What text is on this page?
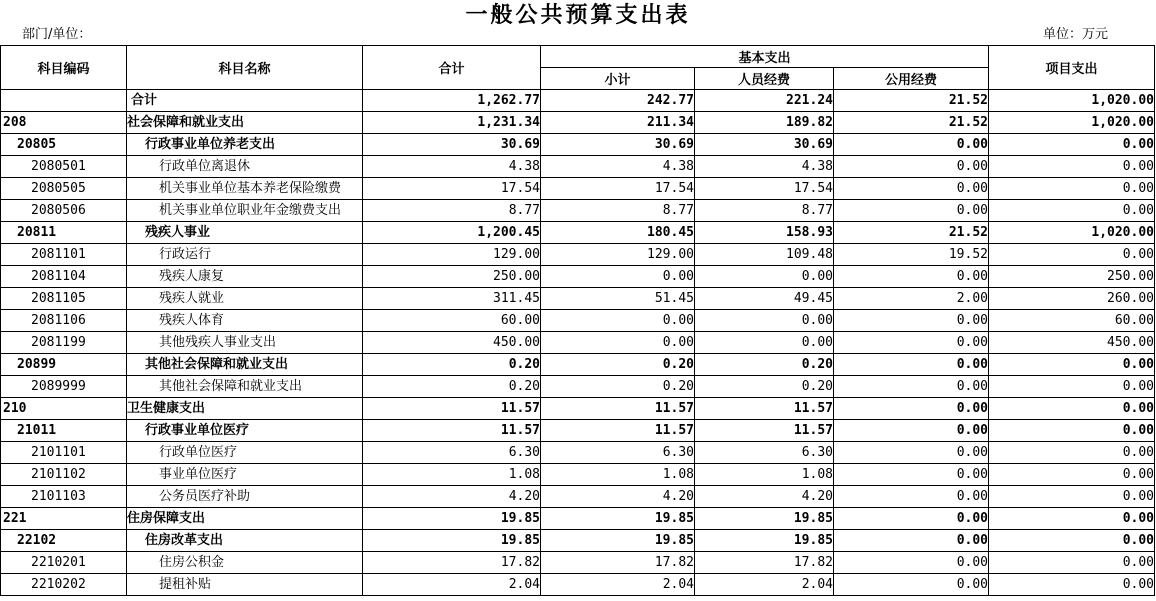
一般公共预算支出表
部门/单位：	单位：万元
科目编码	科目名称	合计	基本支出			项目支出
			小计	人员经费	公用经费	
	合计	1,262.77	242.77	221.24	21.52	1,020.00
208	社会保障和就业支出	1,231.34	211.34	189.82	21.52	1,020.00
20805	行政事业单位养老支出	30.69	30.69	30.69	0.00	0.00
2080501	行政单位离退休	4.38	4.38	4.38	0.00	0.00
2080505	机关事业单位基本养老保险缴费	17.54	17.54	17.54	0.00	0.00
2080506	机关事业单位职业年金缴费支出	8.77	8.77	8.77	0.00	0.00
20811	残疾人事业	1,200.45	180.45	158.93	21.52	1,020.00
2081101	行政运行	129.00	129.00	109.48	19.52	0.00
2081104	残疾人康复	250.00	0.00	0.00	0.00	250.00
2081105	残疾人就业	311.45	51.45	49.45	2.00	260.00
2081106	残疾人体育	60.00	0.00	0.00	0.00	60.00
2081199	其他残疾人事业支出	450.00	0.00	0.00	0.00	450.00
20899	其他社会保障和就业支出	0.20	0.20	0.20	0.00	0.00
2089999	其他社会保障和就业支出	0.20	0.20	0.20	0.00	0.00
210	卫生健康支出	11.57	11.57	11.57	0.00	0.00
21011	行政事业单位医疗	11.57	11.57	11.57	0.00	0.00
2101101	行政单位医疗	6.30	6.30	6.30	0.00	0.00
2101102	事业单位医疗	1.08	1.08	1.08	0.00	0.00
2101103	公务员医疗补助	4.20	4.20	4.20	0.00	0.00
221	住房保障支出	19.85	19.85	19.85	0.00	0.00
22102	住房改革支出	19.85	19.85	19.85	0.00	0.00
2210201	住房公积金	17.82	17.82	17.82	0.00	0.00
2210202	提租补贴	2.04	2.04	2.04	0.00	0.00
